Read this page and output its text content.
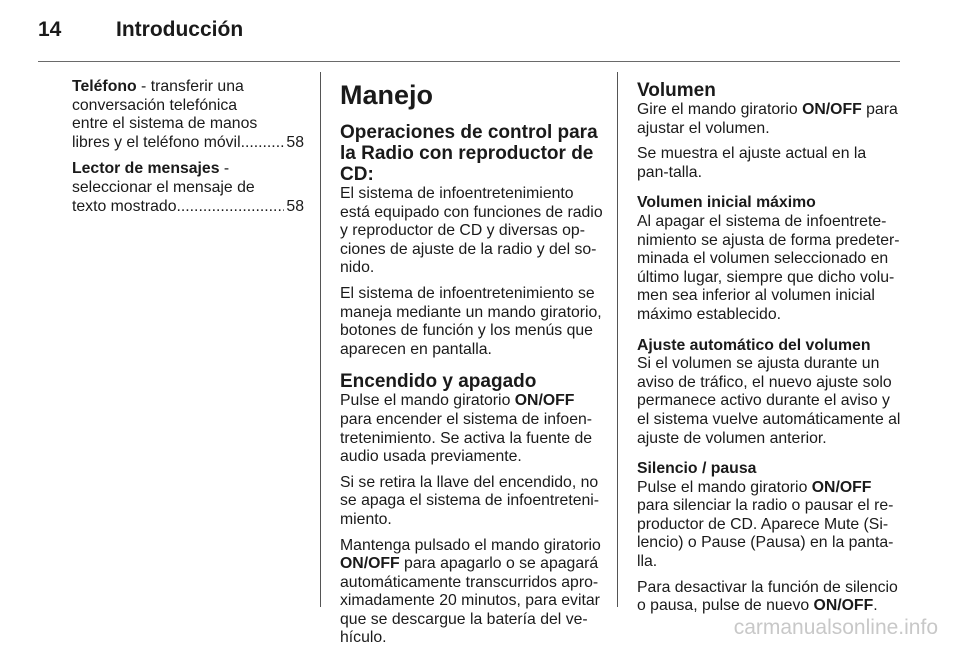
14	Introducción
Teléfono - transferir una
conversación telefónica
entre el sistema de manos
libres y el teléfono móvil .....	58
Lector de mensajes -
seleccionar el mensaje de
texto mostrado .....	58
Manejo
Operaciones de control para la Radio con reproductor de CD:

El sistema de infoentretenimiento está equipado con funciones de radio y reproductor de CD y diversas op-ciones de ajuste de la radio y del so-nido.

El sistema de infoentretenimiento se maneja mediante un mando giratorio, botones de función y los menús que aparecen en pantalla.

Encendido y apagado

Pulse el mando giratorio ON/OFF para encender el sistema de infoen-tretenimiento. Se activa la fuente de audio usada previamente.

Si se retira la llave del encendido, no se apaga el sistema de infoentreteni-miento.

Mantenga pulsado el mando giratorio ON/OFF para apagarlo o se apagará automáticamente transcurridos apro-ximadamente 20 minutos, para evitar que se descargue la batería del ve-hículo.

Volumen

Gire el mando giratorio ON/OFF para ajustar el volumen.

Se muestra el ajuste actual en la pan-talla.

Volumen inicial máximo

Al apagar el sistema de infoentrete-nimiento se ajusta de forma predeter-minada el volumen seleccionado en último lugar, siempre que dicho volu-men sea inferior al volumen inicial máximo establecido.

Ajuste automático del volumen

Si el volumen se ajusta durante un aviso de tráfico, el nuevo ajuste solo permanece activo durante el aviso y el sistema vuelve automáticamente al ajuste de volumen anterior.

Silencio / pausa

Pulse el mando giratorio ON/OFF para silenciar la radio o pausar el re-productor de CD. Aparece Mute (Si-lencio) o Pause (Pausa) en la panta-lla.

Para desactivar la función de silencio o pausa, pulse de nuevo ON/OFF.

carmanualsonline.info
